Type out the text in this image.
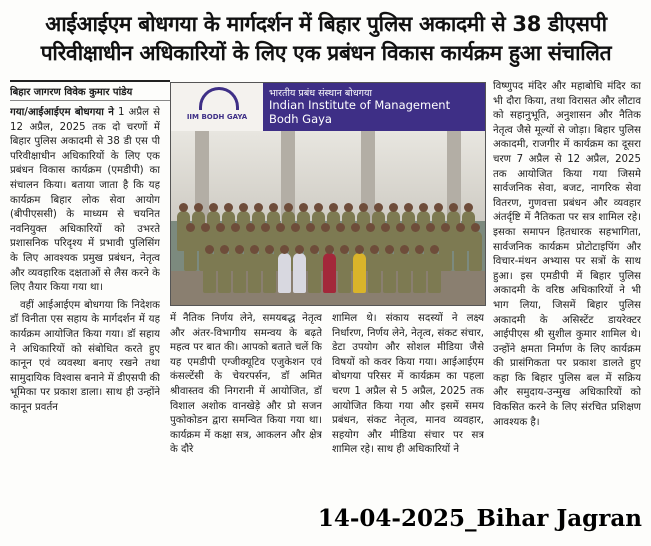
आईआईएम बोधगया के मार्गदर्शन में बिहार पुलिस अकादमी से 38 डीएसपी
परिवीक्षाधीन अधिकारियों के लिए एक प्रबंधन विकास कार्यक्रम हुआ संचालित
बिहार जागरण विवेक कुमार पांडेय

गया/आईआईएम बोधगया ने 1 अप्रैल से 12 अप्रैल, 2025 तक दो चरणों में बिहार पुलिस अकादमी से 38 डी एस पी परिवीक्षाधीन अधिकारियों के लिए एक प्रबंधन विकास कार्यक्रम (एमडीपी) का संचालन किया। बताया जाता है कि यह कार्यक्रम बिहार लोक सेवा आयोग (बीपीएससी) के माध्यम से चयनित नवनियुक्त अधिकारियों को उभरते प्रशासनिक परिदृश्य में प्रभावी पुलिसिंग के लिए आवश्यक प्रमुख प्रबंधन, नेतृत्व और व्यवहारिक दक्षताओं से लैस करने के लिए तैयार किया गया था।

वहीं आईआईएम बोधगया कि निदेशक डॉ विनीता एस सहाय के मार्गदर्शन में यह कार्यक्रम आयोजित किया गया। डॉ सहाय ने अधिकारियों को संबोधित करते हुए कानून एवं व्यवस्था बनाए रखने तथा सामुदायिक विश्वास बनाने में डीएसपी की भूमिका पर प्रकाश डाला। साथ ही उन्होंने कानून प्रवर्तन

IIM BODH GAYA
भारतीय प्रबंध संस्थान बोधगया
Indian Institute of Management
Bodh Gaya

में नैतिक निर्णय लेने, समयबद्ध नेतृत्व और अंतर-विभागीय समन्वय के बढ़ते महत्व पर बात की। आपको बताते चलें कि यह एमडीपी एग्जीक्यूटिव एजुकेशन एवं कंसल्टेंसी के चेयरपर्सन, डॉ अमित श्रीवास्तव की निगरानी में आयोजित, डॉ विशाल अशोक वानखेड़े और प्रो सजन पुकोकोडन द्वारा समन्वित किया गया था। कार्यक्रम में कक्षा सत्र, आकलन और क्षेत्र के दौरे

शामिल थे। संकाय सदस्यों ने लक्ष्य निर्धारण, निर्णय लेने, नेतृत्व, संकट संचार, डेटा उपयोग और सोशल मीडिया जैसे विषयों को कवर किया गया। आईआईएम बोधगया परिसर में कार्यक्रम का पहला चरण 1 अप्रैल से 5 अप्रैल, 2025 तक आयोजित किया गया और इसमें समय प्रबंधन, संकट नेतृत्व, मानव व्यवहार, सहयोग और मीडिया संचार पर सत्र शामिल रहे। साथ ही अधिकारियों ने

विष्णुपद मंदिर और महाबोधि मंदिर का भी दौरा किया, तथा विरासत और लौटाव को सहानुभूति, अनुशासन और नैतिक नेतृत्व जैसे मूल्यों से जोड़ा। बिहार पुलिस अकादमी, राजगीर में कार्यक्रम का दूसरा चरण 7 अप्रैल से 12 अप्रैल, 2025 तक आयोजित किया गया जिसमे सार्वजनिक सेवा, बजट, नागरिक सेवा वितरण, गुणवत्ता प्रबंधन और व्यवहार अंतर्दृष्टि में नैतिकता पर सत्र शामिल रहे। इसका समापन हितधारक सहभागिता, सार्वजनिक कार्यक्रम प्रोटोटाइपिंग और विचार-मंथन अभ्यास पर सत्रों के साथ हुआ। इस एमडीपी में बिहार पुलिस अकादमी के वरिष्ठ अधिकारियों ने भी भाग लिया, जिसमें बिहार पुलिस अकादमी के असिस्टेंट डायरेक्टर आईपीएस श्री सुशील कुमार शामिल थे। उन्होंने क्षमता निर्माण के लिए कार्यक्रम की प्रासंगिकता पर प्रकाश डालते हुए कहा कि बिहार पुलिस बल में सक्रिय और समुदाय-उन्मुख अधिकारियों को विकसित करने के लिए संरचित प्रशिक्षण आवश्यक है।

14-04-2025_Bihar Jagran
